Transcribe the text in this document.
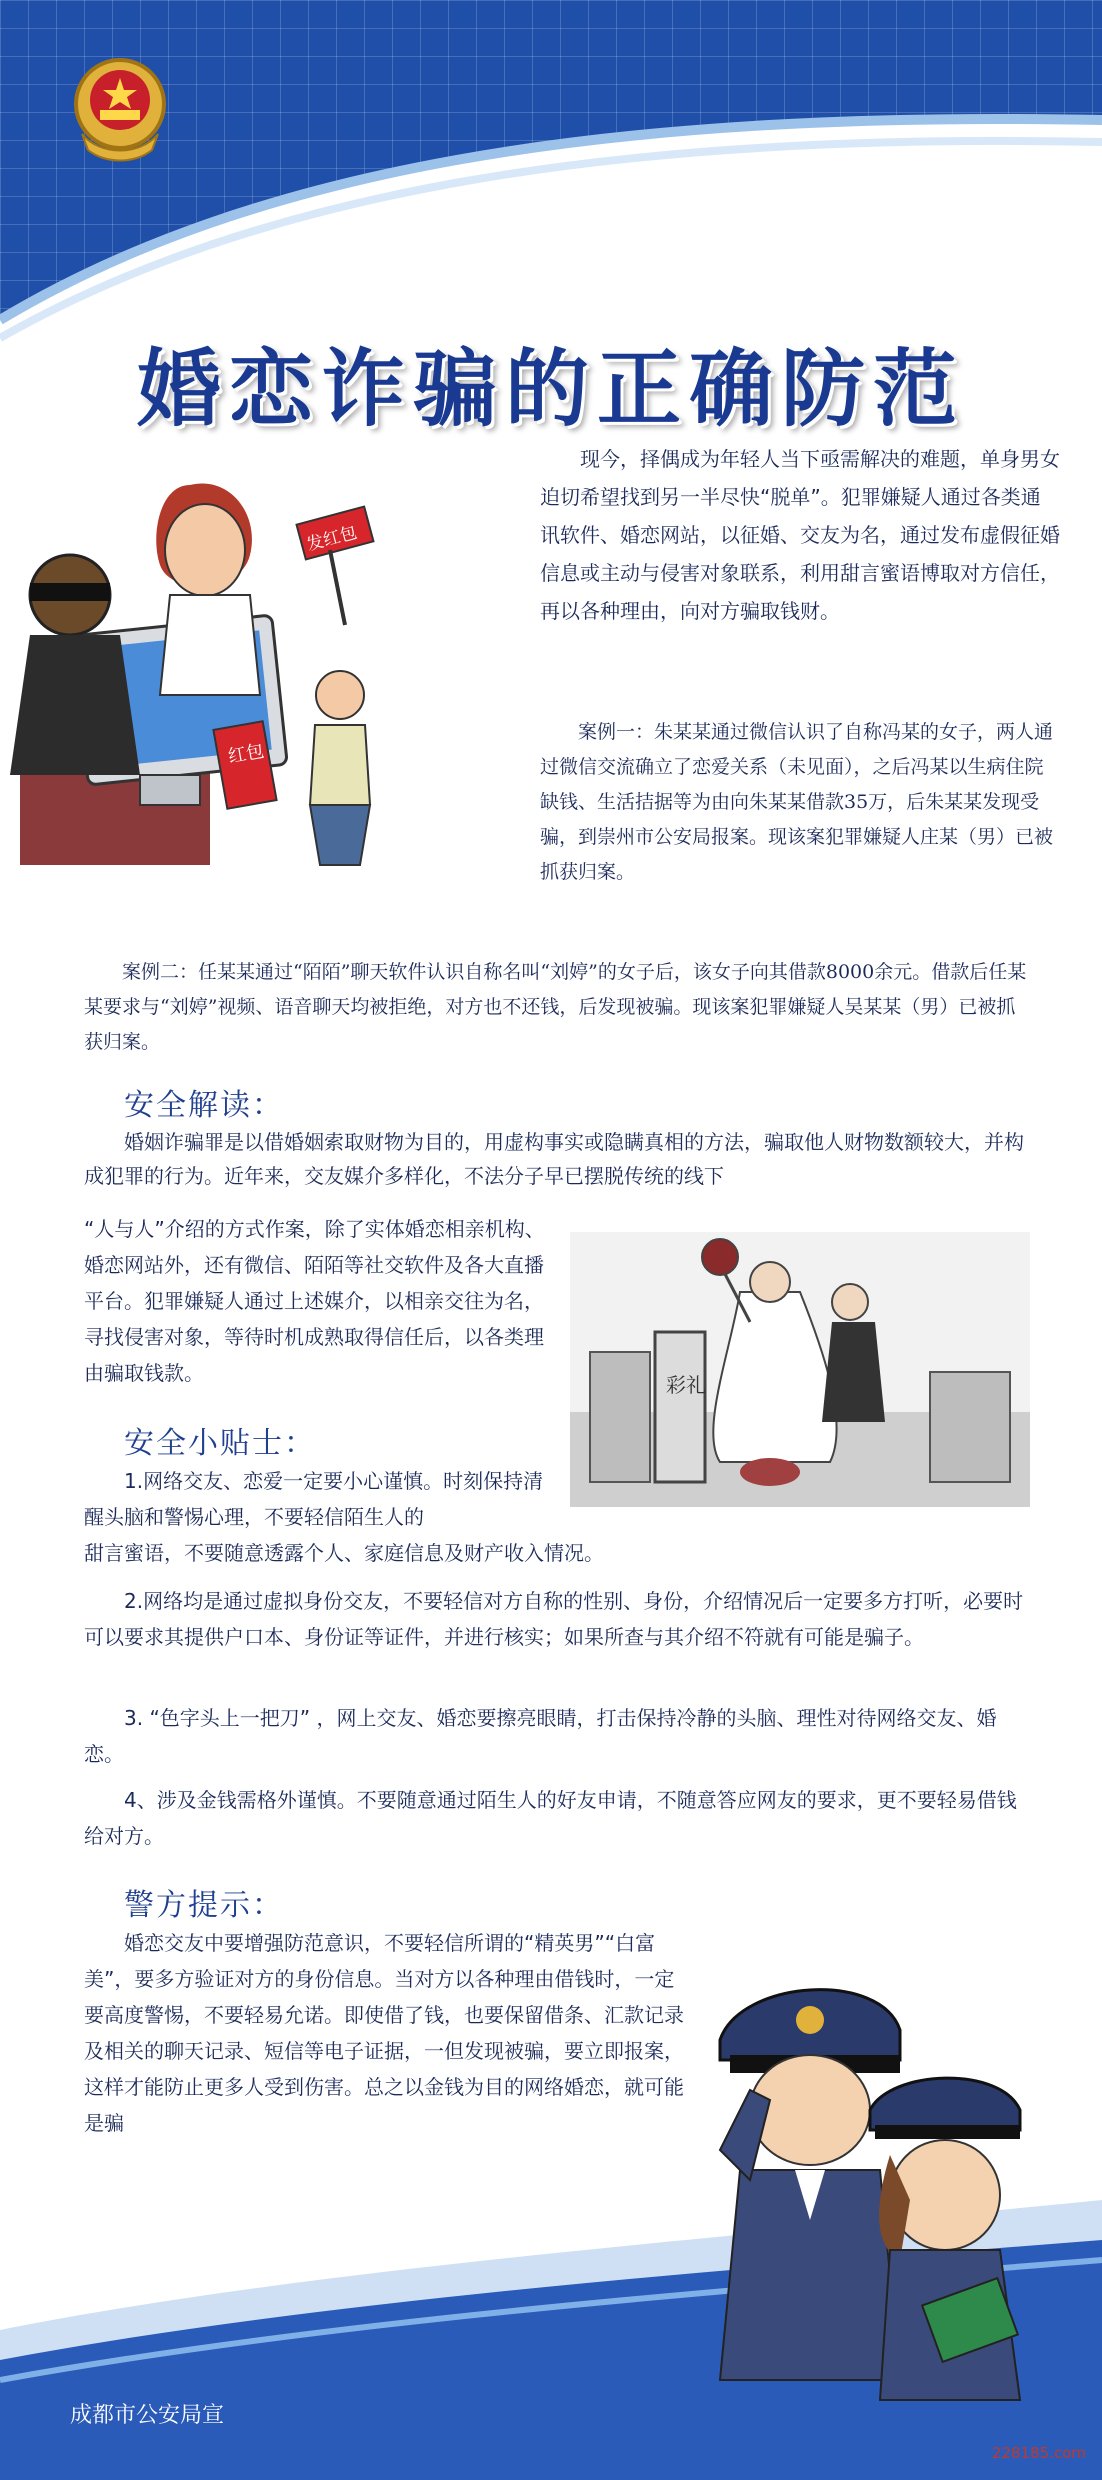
婚恋诈骗的正确防范
发红包
红包

现今，择偶成为年轻人当下亟需解决的难题，单身男女迫切希望找到另一半尽快“脱单”。犯罪嫌疑人通过各类通讯软件、婚恋网站，以征婚、交友为名，通过发布虚假征婚信息或主动与侵害对象联系，利用甜言蜜语博取对方信任，再以各种理由，向对方骗取钱财。

案例一：朱某某通过微信认识了自称冯某的女子，两人通过微信交流确立了恋爱关系（未见面），之后冯某以生病住院缺钱、生活拮据等为由向朱某某借款35万，后朱某某发现受骗，到崇州市公安局报案。现该案犯罪嫌疑人庄某（男）已被抓获归案。

案例二：任某某通过“陌陌”聊天软件认识自称名叫“刘婷”的女子后，该女子向其借款8000余元。借款后任某某要求与“刘婷”视频、语音聊天均被拒绝，对方也不还钱，后发现被骗。现该案犯罪嫌疑人吴某某（男）已被抓获归案。

安全解读：

婚姻诈骗罪是以借婚姻索取财物为目的，用虚构事实或隐瞒真相的方法，骗取他人财物数额较大，并构成犯罪的行为。近年来，交友媒介多样化，不法分子早已摆脱传统的线下

“人与人”介绍的方式作案，除了实体婚恋相亲机构、婚恋网站外，还有微信、陌陌等社交软件及各大直播平台。犯罪嫌疑人通过上述媒介，以相亲交往为名，寻找侵害对象，等待时机成熟取得信任后，以各类理由骗取钱款。	彩礼
安全小贴士：

1.网络交友、恋爱一定要小心谨慎。时刻保持清醒头脑和警惕心理，不要轻信陌生人的

甜言蜜语，不要随意透露个人、家庭信息及财产收入情况。

2.网络均是通过虚拟身份交友，不要轻信对方自称的性别、身份，介绍情况后一定要多方打听，必要时可以要求其提供户口本、身份证等证件，并进行核实；如果所查与其介绍不符就有可能是骗子。

3. “色字头上一把刀” ，网上交友、婚恋要擦亮眼睛，打击保持冷静的头脑、理性对待网络交友、婚恋。

4、涉及金钱需格外谨慎。不要随意通过陌生人的好友申请，不随意答应网友的要求，更不要轻易借钱给对方。

警方提示：

婚恋交友中要增强防范意识，不要轻信所谓的“精英男”“白富美”，要多方验证对方的身份信息。当对方以各种理由借钱时，一定要高度警惕，不要轻易允诺。即使借了钱，也要保留借条、汇款记录及相关的聊天记录、短信等电子证据，一但发现被骗，要立即报案，这样才能防止更多人受到伤害。总之以金钱为目的网络婚恋，就可能是骗

成都市公安局宣
228185.com
